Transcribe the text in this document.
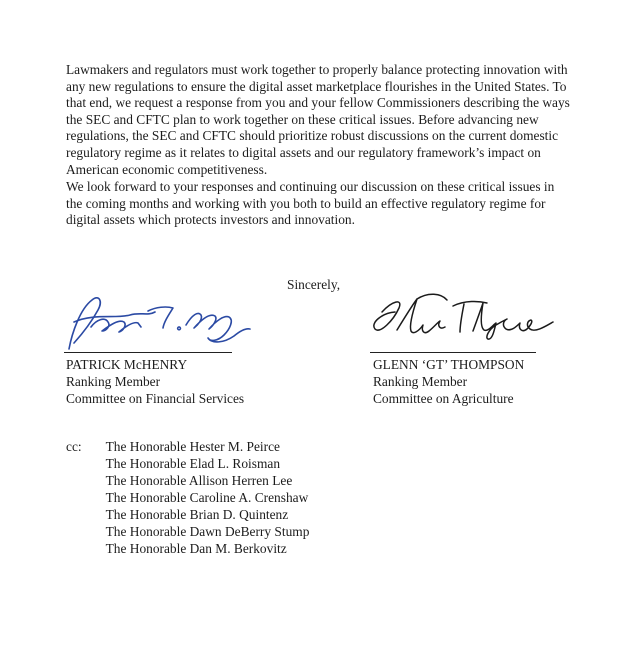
Lawmakers and regulators must work together to properly balance protecting innovation with
any new regulations to ensure the digital asset marketplace flourishes in the United States. To
that end, we request a response from you and your fellow Commissioners describing the ways
the SEC and CFTC plan to work together on these critical issues. Before advancing new
regulations, the SEC and CFTC should prioritize robust discussions on the current domestic
regulatory regime as it relates to digital assets and our regulatory framework’s impact on
American economic competitiveness.
We look forward to your responses and continuing our discussion on these critical issues in
the coming months and working with you both to build an effective regulatory regime for
digital assets which protects investors and innovation.
Sincerely,
PATRICK McHENRY
Ranking Member
Committee on Financial Services
GLENN ‘GT’ THOMPSON
Ranking Member
Committee on Agriculture
cc: The Honorable Hester M. Peirce
The Honorable Elad L. Roisman
The Honorable Allison Herren Lee
The Honorable Caroline A. Crenshaw
The Honorable Brian D. Quintenz
The Honorable Dawn DeBerry Stump
The Honorable Dan M. Berkovitz
